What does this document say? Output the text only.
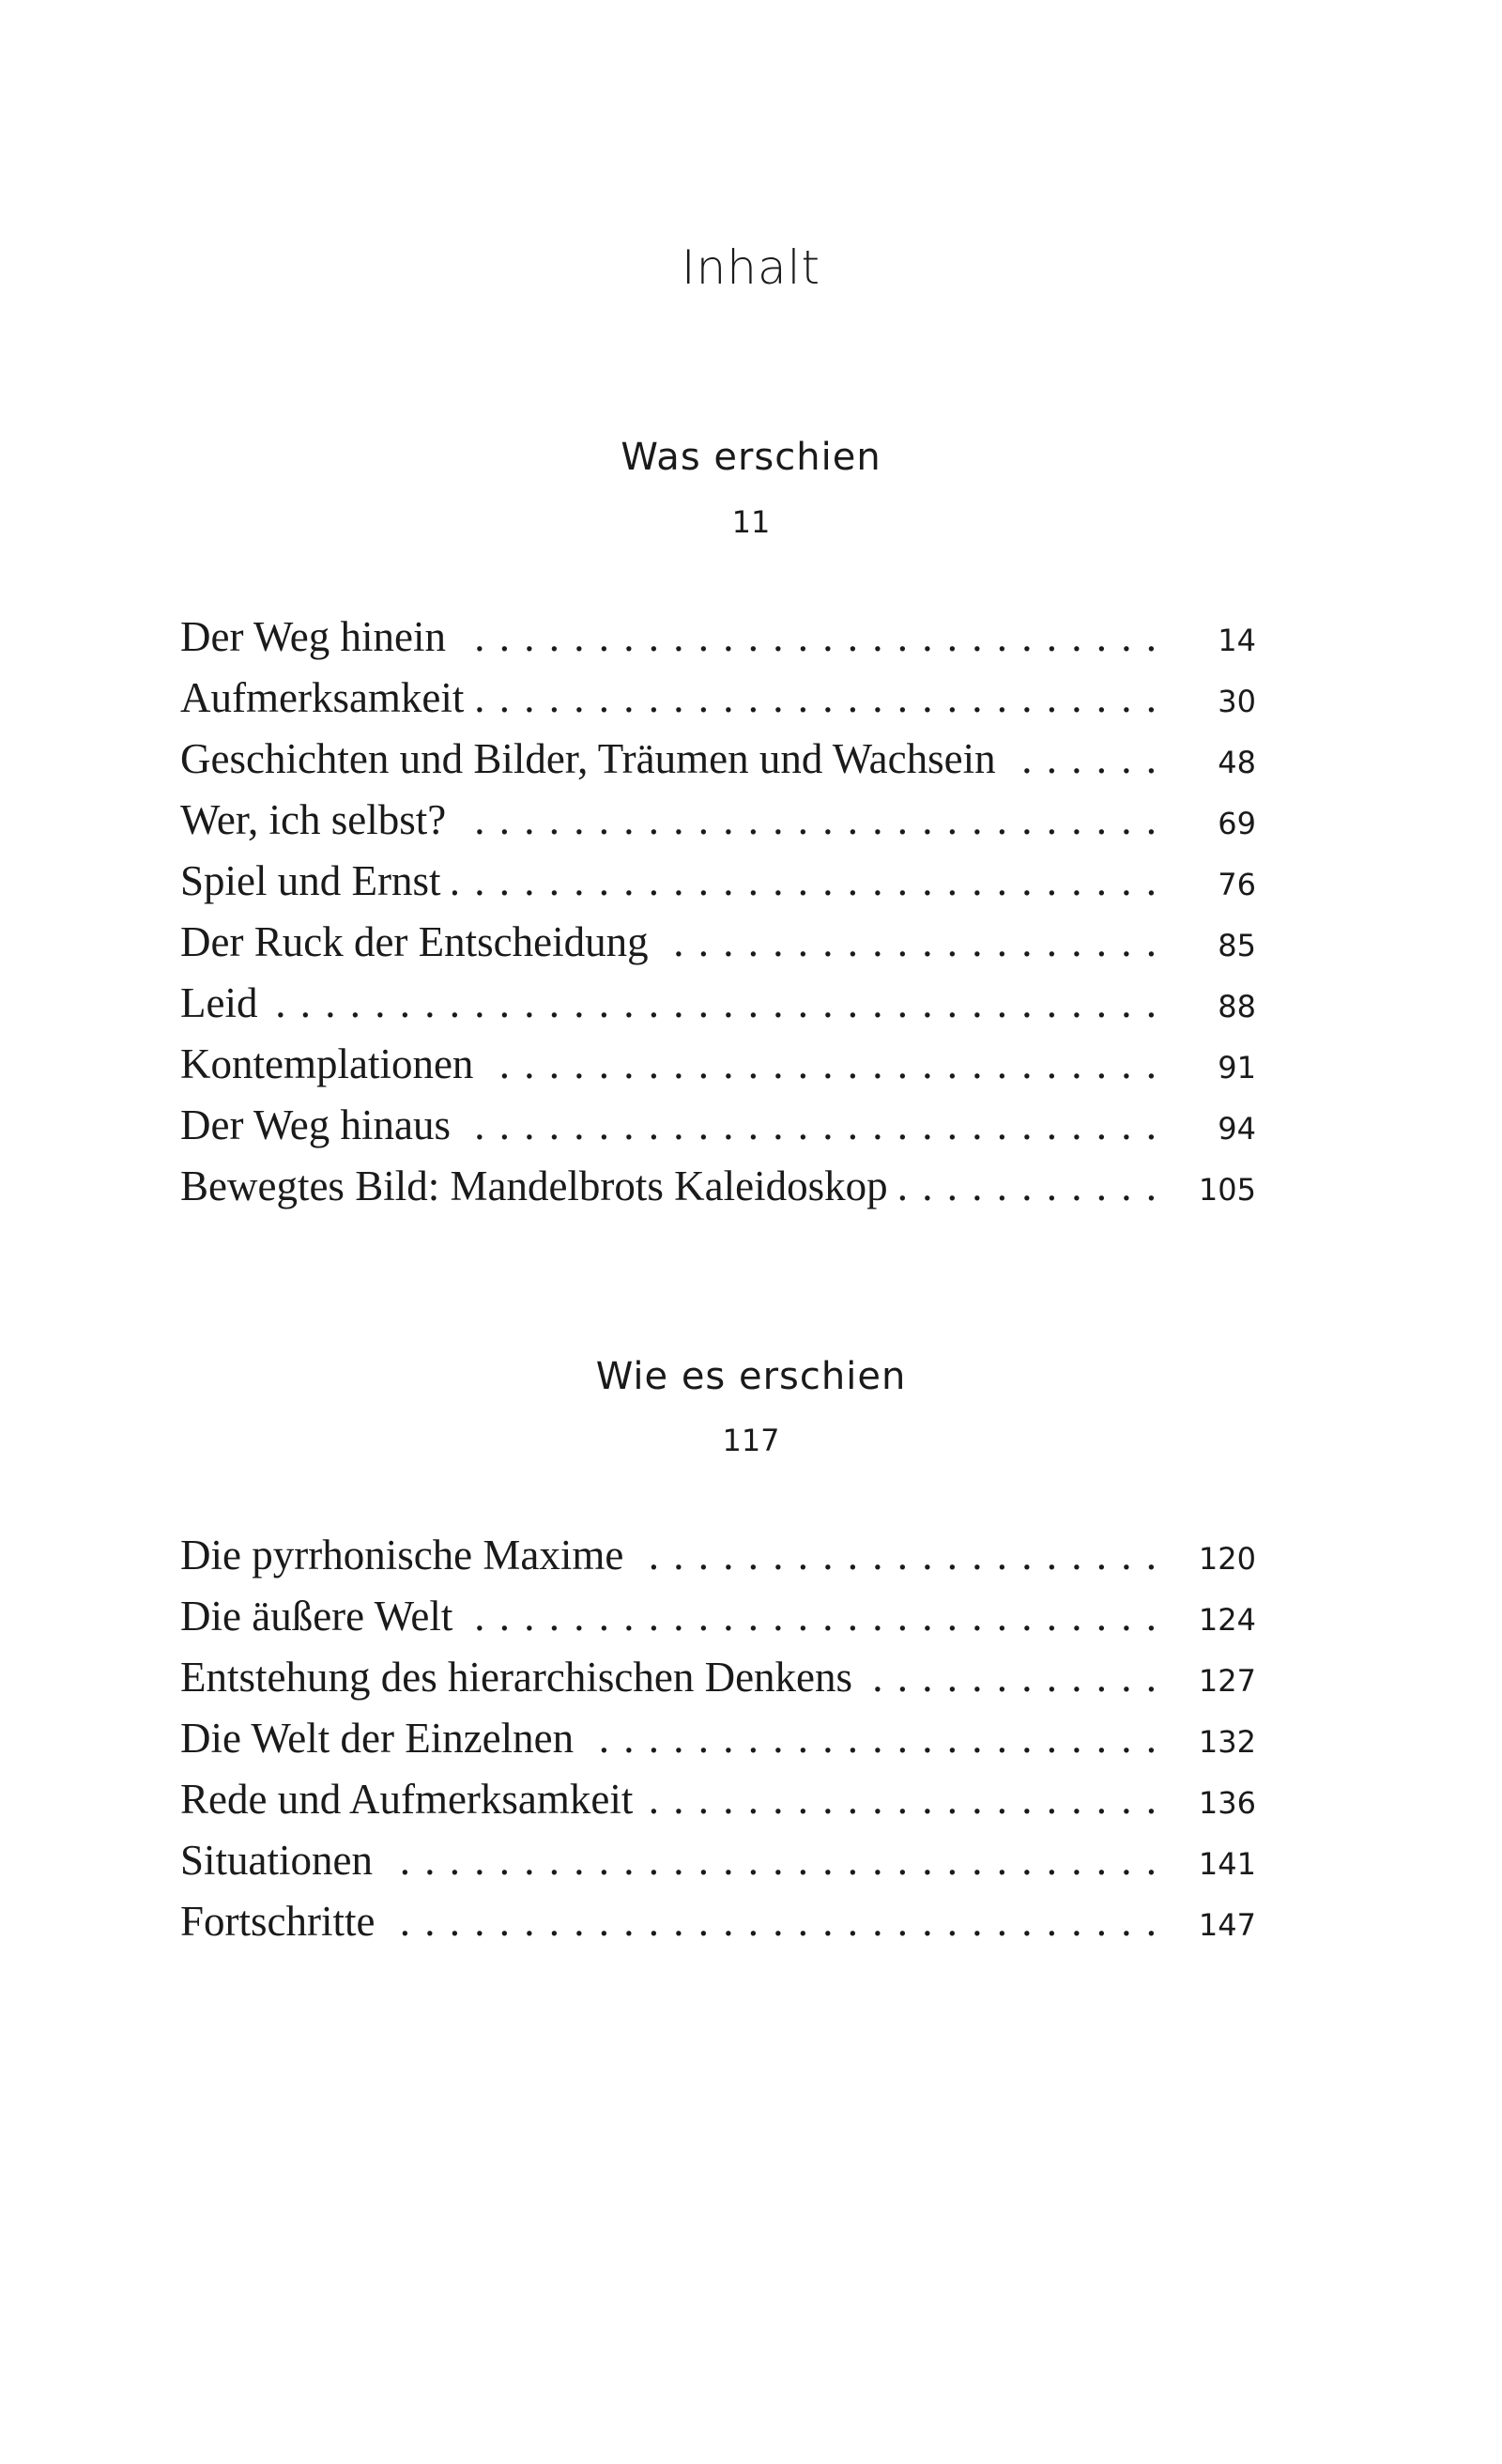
Inhalt
Was erschien
11
Der Weg hinein . . .	14
Aufmerksamkeit . . .	30
Geschichten und Bilder, Träumen und Wachsein . . .	48
Wer, ich selbst? . . .	69
Spiel und Ernst . . .	76
Der Ruck der Entscheidung . . .	85
Leid . . .	88
Kontemplationen . . .	91
Der Weg hinaus . . .	94
Bewegtes Bild: Mandelbrots Kaleidoskop . . .	105
Wie es erschien
117
Die pyrrhonische Maxime . . .	120
Die äußere Welt . . .	124
Entstehung des hierarchischen Denkens . . .	127
Die Welt der Einzelnen . . .	132
Rede und Aufmerksamkeit . . .	136
Situationen . . .	141
Fortschritte . . .	147
